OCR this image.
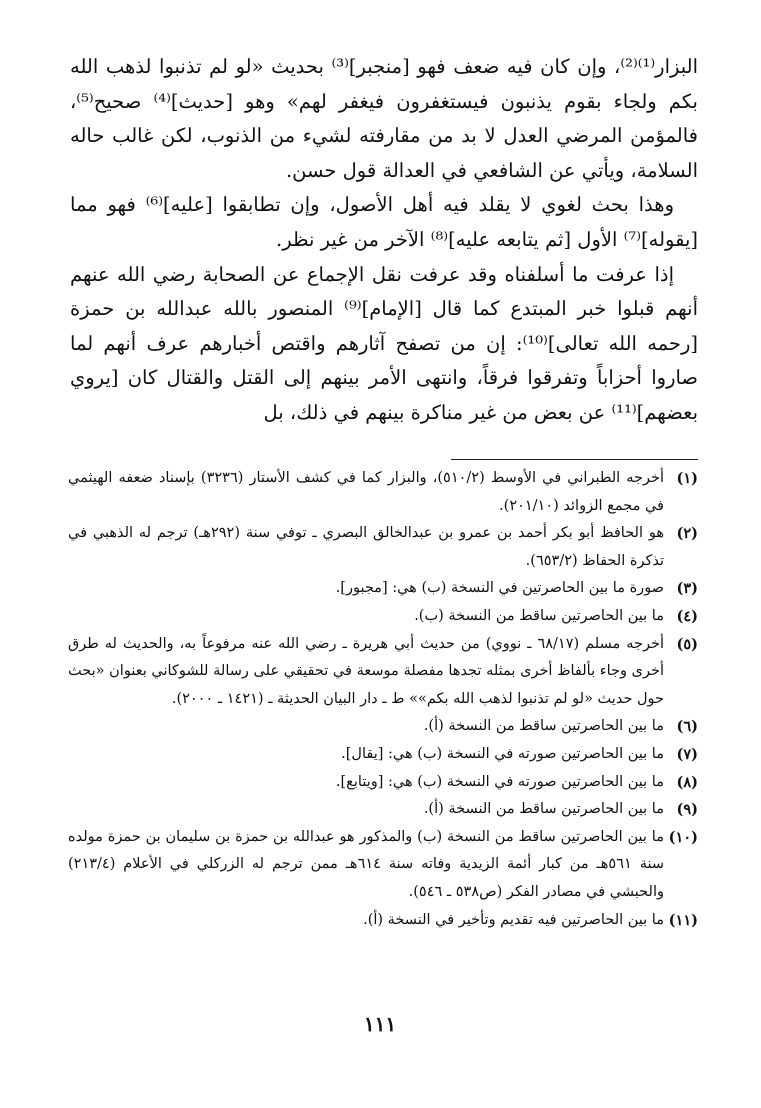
البزار⁽¹⁾⁽²⁾، وإن كان فيه ضعف فهو [منجبر]⁽³⁾ بحديث «لو لم تذنبوا لذهب الله بكم ولجاء بقوم يذنبون فيستغفرون فيغفر لهم» وهو [حديث]⁽⁴⁾ صحيح⁽⁵⁾، فالمؤمن المرضي العدل لا بد من مقارفته لشيء من الذنوب، لكن غالب حاله السلامة، ويأتي عن الشافعي في العدالة قول حسن.

وهذا بحث لغوي لا يقلد فيه أهل الأصول، وإن تطابقوا [عليه]⁽⁶⁾ فهو مما [يقوله]⁽⁷⁾ الأول [ثم يتابعه عليه]⁽⁸⁾ الآخر من غير نظر.

إذا عرفت ما أسلفناه وقد عرفت نقل الإجماع عن الصحابة رضي الله عنهم أنهم قبلوا خبر المبتدع كما قال [الإمام]⁽⁹⁾ المنصور بالله عبدالله بن حمزة [رحمه الله تعالى]⁽¹⁰⁾: إن من تصفح آثارهم واقتص أخبارهم عرف أنهم لما صاروا أحزاباً وتفرقوا فرقاً، وانتهى الأمر بينهم إلى القتل والقتال كان [يروي بعضهم]⁽¹¹⁾ عن بعض من غير مناكرة بينهم في ذلك، بل

(١)
أخرجه الطبراني في الأوسط (٥١٠/٢)، والبزار كما في كشف الأستار (٣٢٣٦) بإسناد ضعفه الهيثمي في مجمع الزوائد (٢٠١/١٠).
(٢)
هو الحافظ أبو بكر أحمد بن عمرو بن عبدالخالق البصري ـ توفي سنة (٢٩٢هـ) ترجم له الذهبي في تذكرة الحفاظ (٦٥٣/٢).
(٣)
صورة ما بين الحاصرتين في النسخة (ب) هي: [مجبور].
(٤)
ما بين الحاصرتين ساقط من النسخة (ب).
(٥)
أخرجه مسلم (٦٨/١٧ ـ نووي) من حديث أبي هريرة ـ رضي الله عنه مرفوعاً به، والحديث له طرق أخرى وجاء بألفاظ أخرى بمثله تجدها مفصلة موسعة في تحقيقي على رسالة للشوكاني بعنوان «بحث حول حديث «لو لم تذنبوا لذهب الله بكم»» ط ـ دار البيان الحديثة ـ (١٤٢١ ـ ٢٠٠٠).
(٦)
ما بين الحاصرتين ساقط من النسخة (أ).
(٧)
ما بين الحاصرتين صورته في النسخة (ب) هي: [يقال].
(٨)
ما بين الحاصرتين صورته في النسخة (ب) هي: [ويتابع].
(٩)
ما بين الحاصرتين ساقط من النسخة (أ).
(١٠)
ما بين الحاصرتين ساقط من النسخة (ب) والمذكور هو عبدالله بن حمزة بن سليمان بن حمزة مولده سنة ٥٦١هـ من كبار أئمة الزيدية وفاته سنة ٦١٤هـ ممن ترجم له الزركلي في الأعلام (٢١٣/٤) والحبشي في مصادر الفكر (ص٥٣٨ ـ ٥٤٦).
(١١)
ما بين الحاصرتين فيه تقديم وتأخير في النسخة (أ).
١١١
